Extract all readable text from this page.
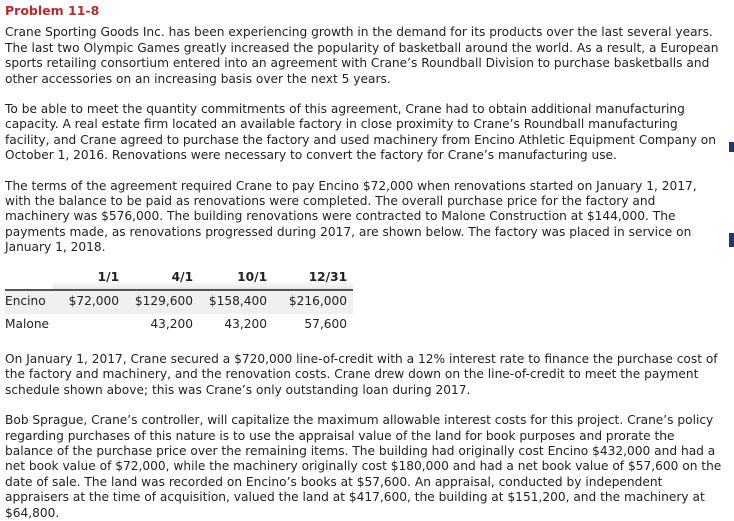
Problem 11-8

Crane Sporting Goods Inc. has been experiencing growth in the demand for its products over the last several years. The last two Olympic Games greatly increased the popularity of basketball around the world. As a result, a European sports retailing consortium entered into an agreement with Crane’s Roundball Division to purchase basketballs and other accessories on an increasing basis over the next 5 years.

To be able to meet the quantity commitments of this agreement, Crane had to obtain additional manufacturing capacity. A real estate firm located an available factory in close proximity to Crane’s Roundball manufacturing facility, and Crane agreed to purchase the factory and used machinery from Encino Athletic Equipment Company on October 1, 2016. Renovations were necessary to convert the factory for Crane’s manufacturing use.

The terms of the agreement required Crane to pay Encino $72,000 when renovations started on January 1, 2017, with the balance to be paid as renovations were completed. The overall purchase price for the factory and machinery was $576,000. The building renovations were contracted to Malone Construction at $144,000. The payments made, as renovations progressed during 2017, are shown below. The factory was placed in service on January 1, 2018.

	1/1	4/1	10/1	12/31
Encino	$72,000	$129,600	$158,400	$216,000
Malone		43,200	43,200	57,600

On January 1, 2017, Crane secured a $720,000 line-of-credit with a 12% interest rate to finance the purchase cost of the factory and machinery, and the renovation costs. Crane drew down on the line-of-credit to meet the payment schedule shown above; this was Crane’s only outstanding loan during 2017.

Bob Sprague, Crane’s controller, will capitalize the maximum allowable interest costs for this project. Crane’s policy regarding purchases of this nature is to use the appraisal value of the land for book purposes and prorate the balance of the purchase price over the remaining items. The building had originally cost Encino $432,000 and had a net book value of $72,000, while the machinery originally cost $180,000 and had a net book value of $57,600 on the date of sale. The land was recorded on Encino’s books at $57,600. An appraisal, conducted by independent appraisers at the time of acquisition, valued the land at $417,600, the building at $151,200, and the machinery at $64,800.
